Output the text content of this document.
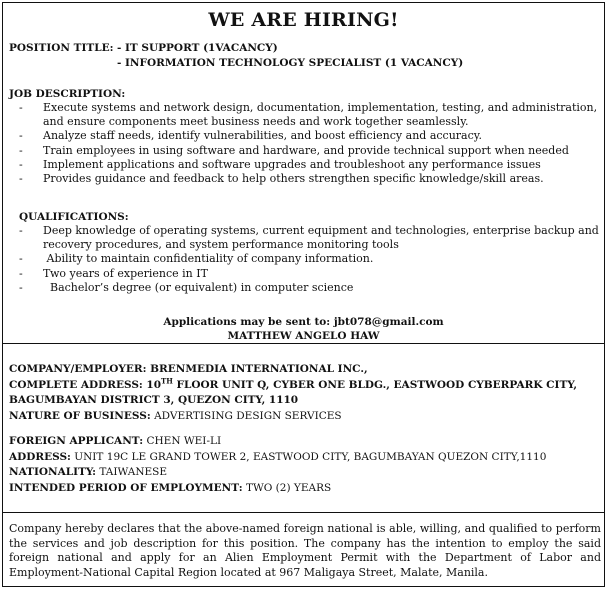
WE ARE HIRING!
POSITION TITLE: - IT SUPPORT (1VACANCY)
- INFORMATION TECHNOLOGY SPECIALIST (1 VACANCY)
JOB DESCRIPTION:
- Execute systems and network design, documentation, implementation, testing, and administration, and ensure components meet business needs and work together seamlessly.
- Analyze staff needs, identify vulnerabilities, and boost efficiency and accuracy.
- Train employees in using software and hardware, and provide technical support when needed
- Implement applications and software upgrades and troubleshoot any performance issues
- Provides guidance and feedback to help others strengthen specific knowledge/skill areas.
QUALIFICATIONS:
- Deep knowledge of operating systems, current equipment and technologies, enterprise backup and recovery procedures, and system performance monitoring tools
- Ability to maintain confidentiality of company information.
- Two years of experience in IT
- Bachelor’s degree (or equivalent) in computer science
Applications may be sent to: jbt078@gmail.com
MATTHEW ANGELO HAW
COMPANY/EMPLOYER: BRENMEDIA INTERNATIONAL INC.,
COMPLETE ADDRESS: 10TH FLOOR UNIT Q, CYBER ONE BLDG., EASTWOOD CYBERPARK CITY,
BAGUMBAYAN DISTRICT 3, QUEZON CITY, 1110
NATURE OF BUSINESS: ADVERTISING DESIGN SERVICES
FOREIGN APPLICANT: CHEN WEI-LI
ADDRESS: UNIT 19C LE GRAND TOWER 2, EASTWOOD CITY, BAGUMBAYAN QUEZON CITY,1110
NATIONALITY: TAIWANESE
INTENDED PERIOD OF EMPLOYMENT: TWO (2) YEARS
Company hereby declares that the above-named foreign national is able, willing, and qualified to perform the services and job description for this position. The company has the intention to employ the said foreign national and apply for an Alien Employment Permit with the Department of Labor and Employment-National Capital Region located at 967 Maligaya Street, Malate, Manila.
